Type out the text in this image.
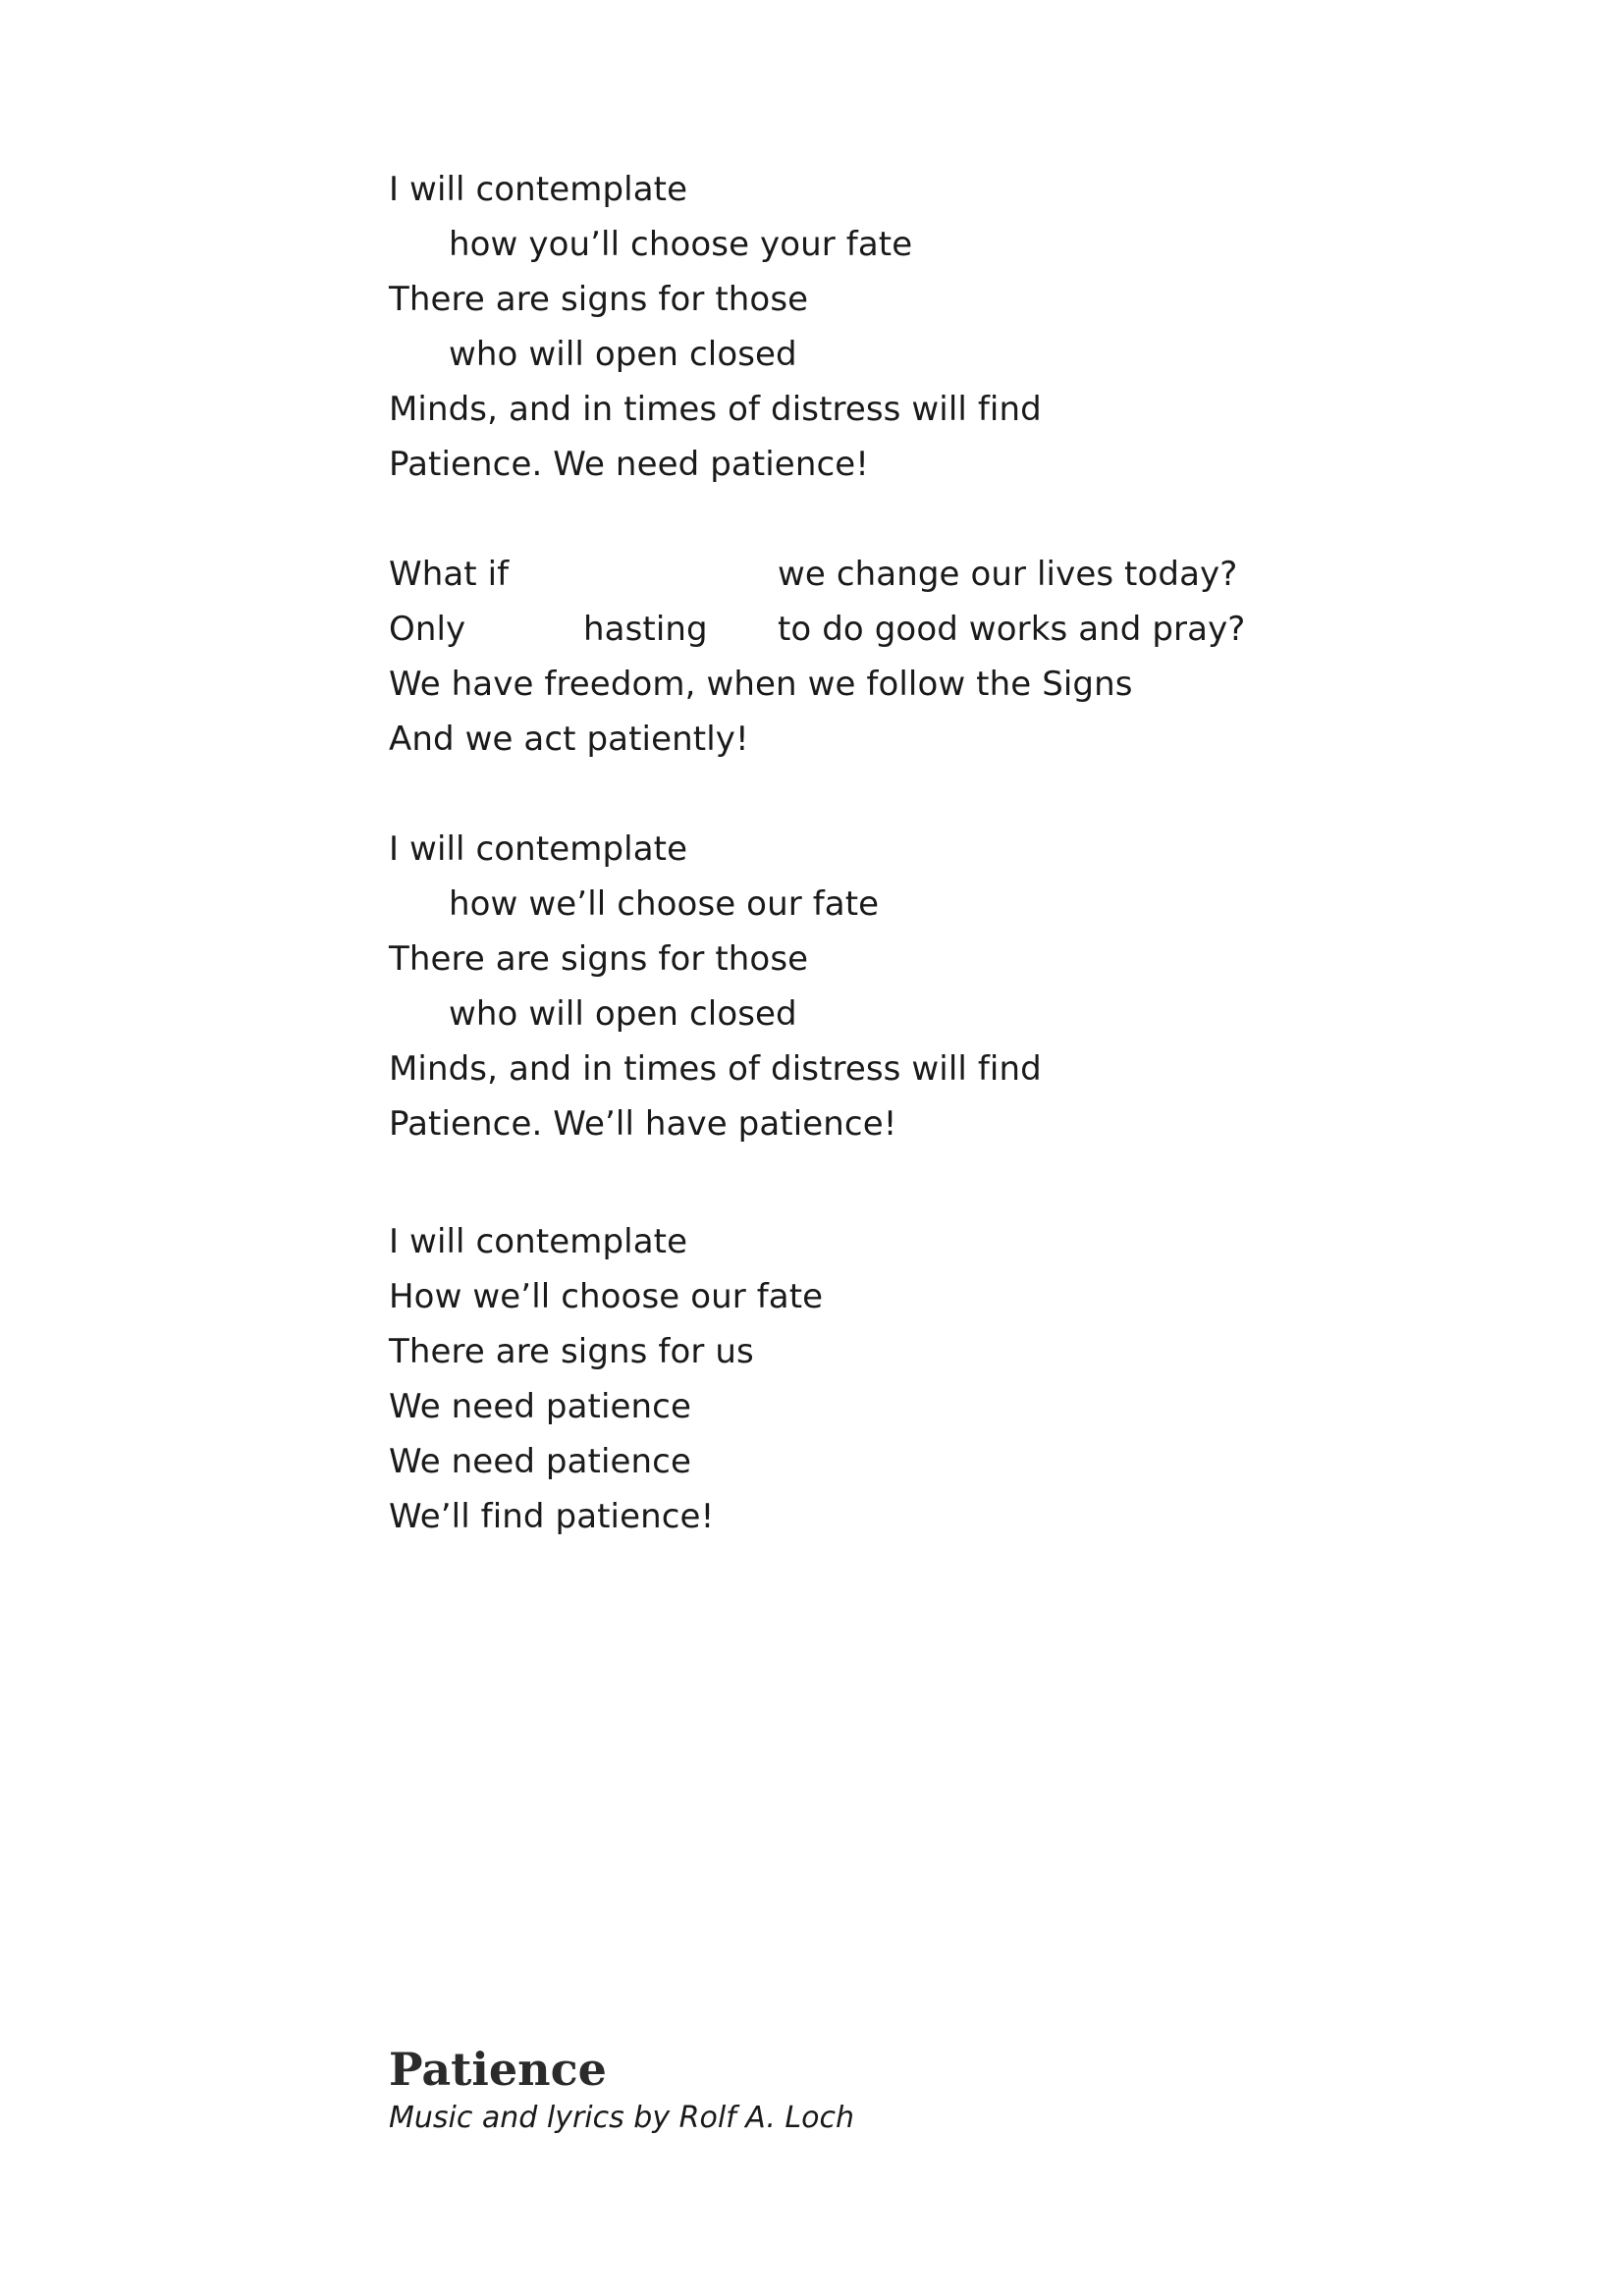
I will contemplate
how you’ll choose your fate
There are signs for those
who will open closed
Minds, and in times of distress will find
Patience. We need patience!
What if	we change our lives today?
Only	hasting to do good works and pray?
We have freedom, when we follow the Signs
And we act patiently!
I will contemplate
how we’ll choose our fate
There are signs for those
who will open closed
Minds, and in times of distress will find
Patience. We’ll have patience!
I will contemplate
How we’ll choose our fate
There are signs for us
We need patience
We need patience
We’ll find patience!
Patience
Music and lyrics by Rolf A. Loch
